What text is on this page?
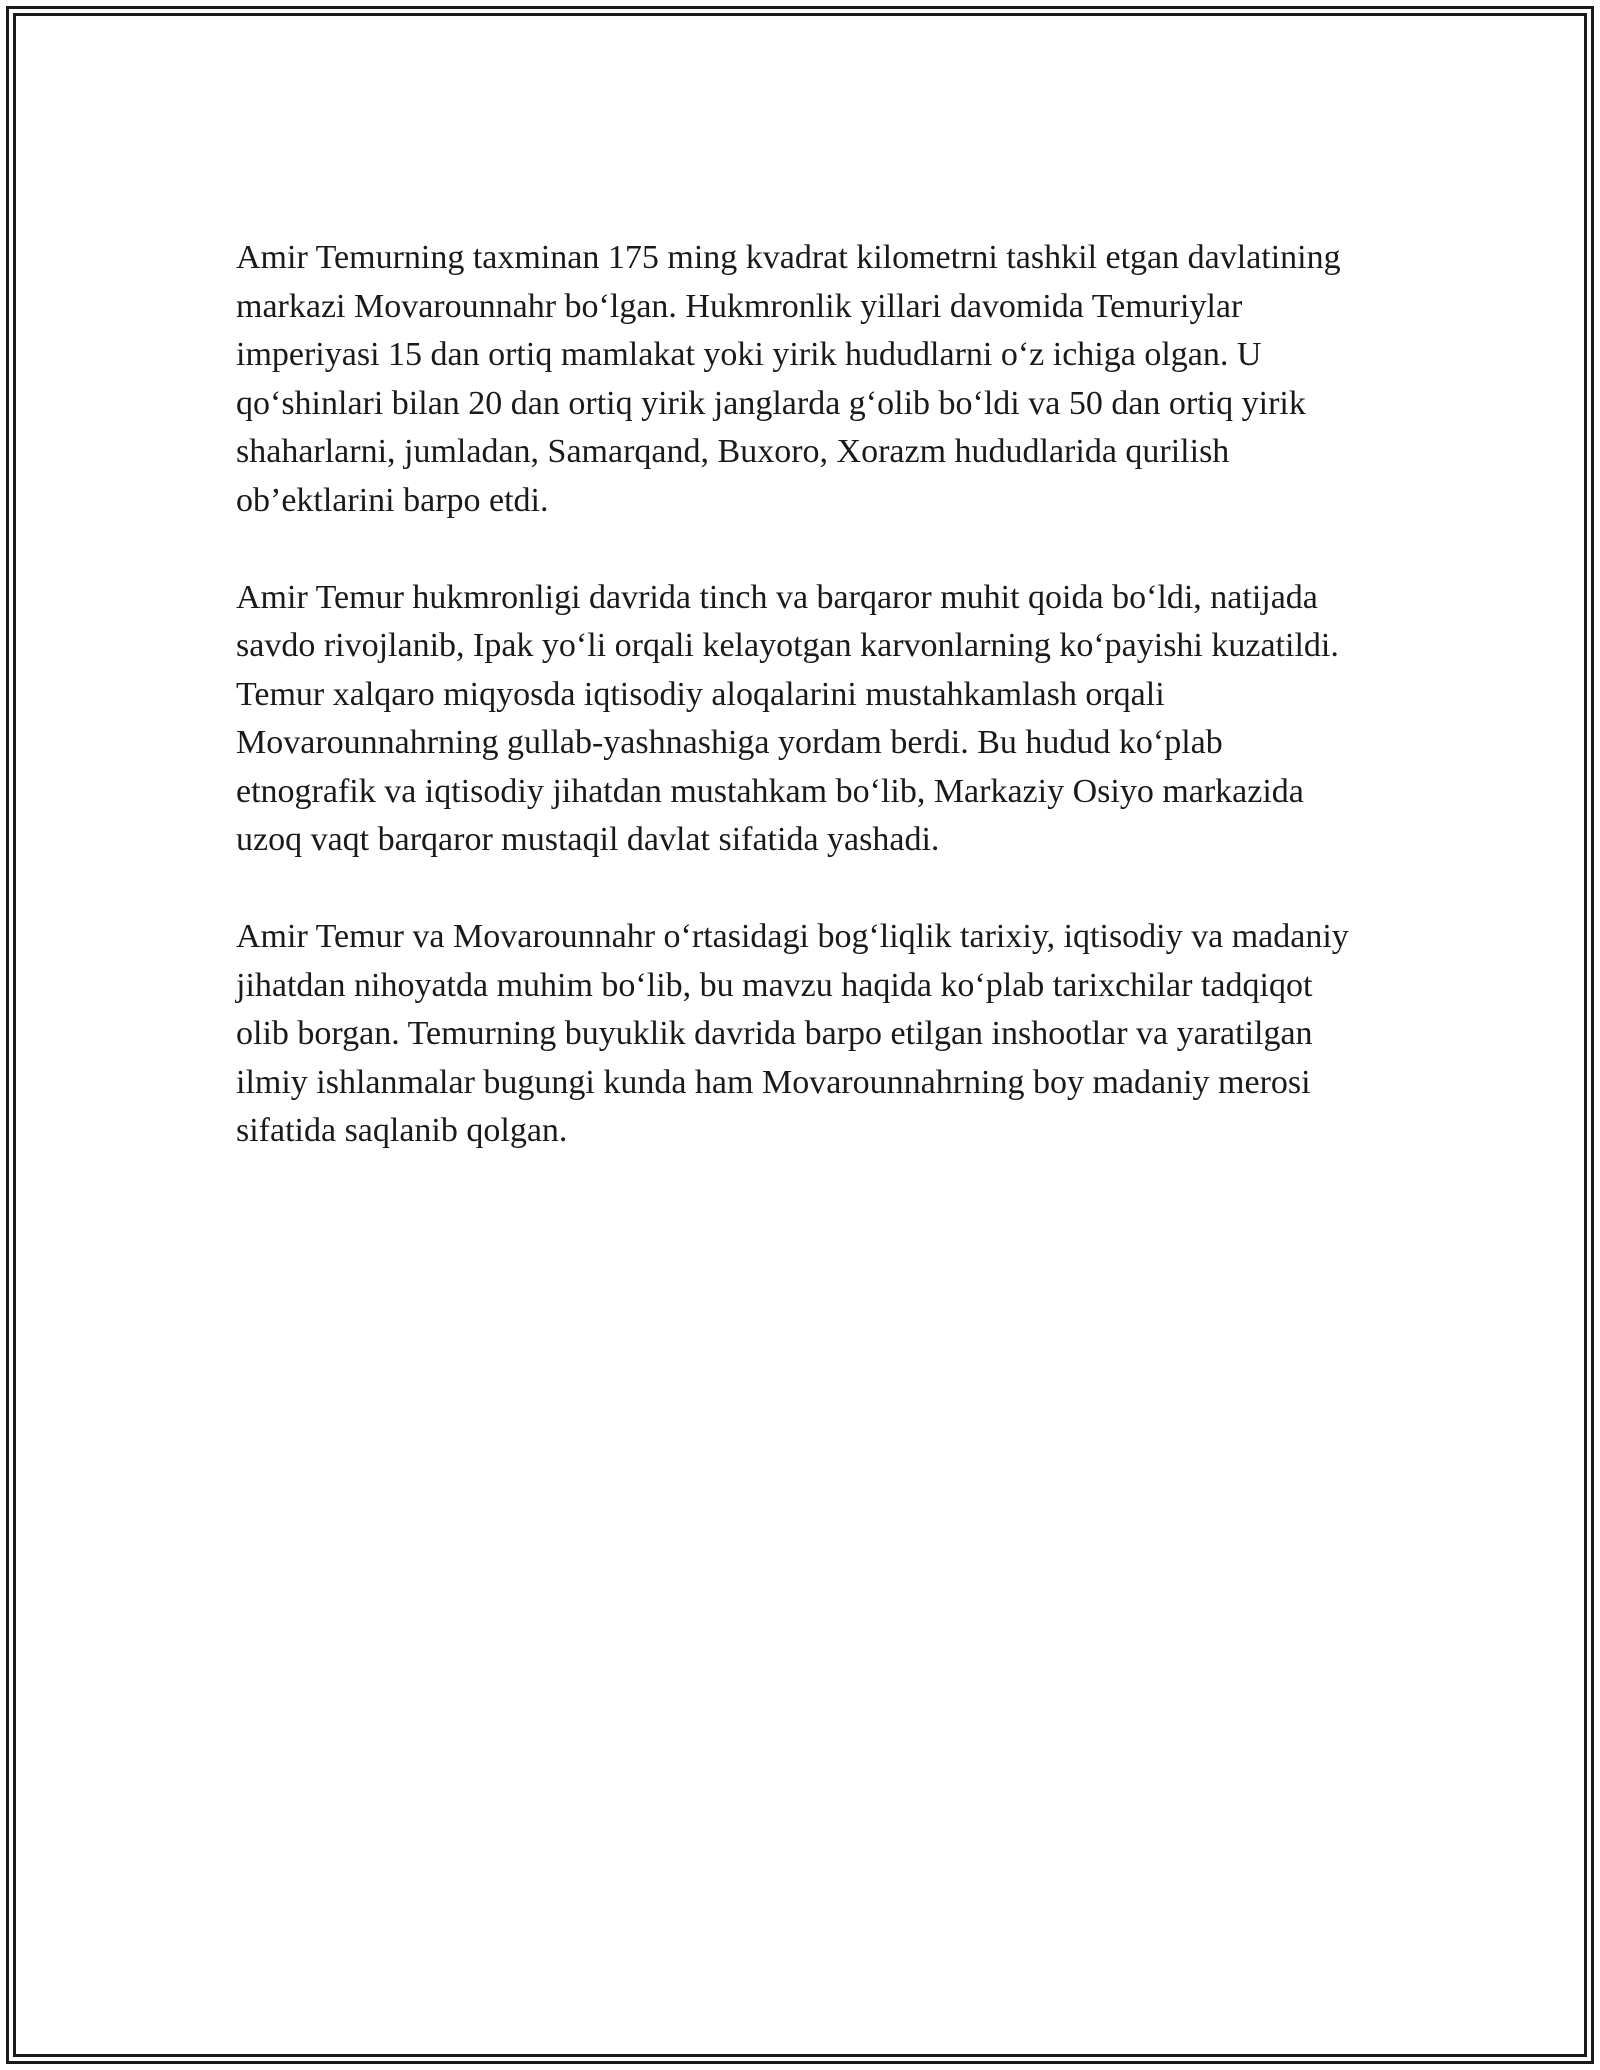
Amir Temurning taxminan 175 ming kvadrat kilometrni tashkil etgan davlatining markazi Movarounnahr bo‘lgan. Hukmronlik yillari davomida Temuriylar imperiyasi 15 dan ortiq mamlakat yoki yirik hududlarni o‘z ichiga olgan. U qo‘shinlari bilan 20 dan ortiq yirik janglarda g‘olib bo‘ldi va 50 dan ortiq yirik shaharlarni, jumladan, Samarqand, Buxoro, Xorazm hududlarida qurilish ob’ektlarini barpo etdi.

Amir Temur hukmronligi davrida tinch va barqaror muhit qoida bo‘ldi, natijada savdo rivojlanib, Ipak yo‘li orqali kelayotgan karvonlarning ko‘payishi kuzatildi. Temur xalqaro miqyosda iqtisodiy aloqalarini mustahkamlash orqali Movarounnahrning gullab-yashnashiga yordam berdi. Bu hudud ko‘plab etnografik va iqtisodiy jihatdan mustahkam bo‘lib, Markaziy Osiyo markazida uzoq vaqt barqaror mustaqil davlat sifatida yashadi.

Amir Temur va Movarounnahr o‘rtasidagi bog‘liqlik tarixiy, iqtisodiy va madaniy jihatdan nihoyatda muhim bo‘lib, bu mavzu haqida ko‘plab tarixchilar tadqiqot olib borgan. Temurning buyuklik davrida barpo etilgan inshootlar va yaratilgan ilmiy ishlanmalar bugungi kunda ham Movarounnahrning boy madaniy merosi sifatida saqlanib qolgan.
